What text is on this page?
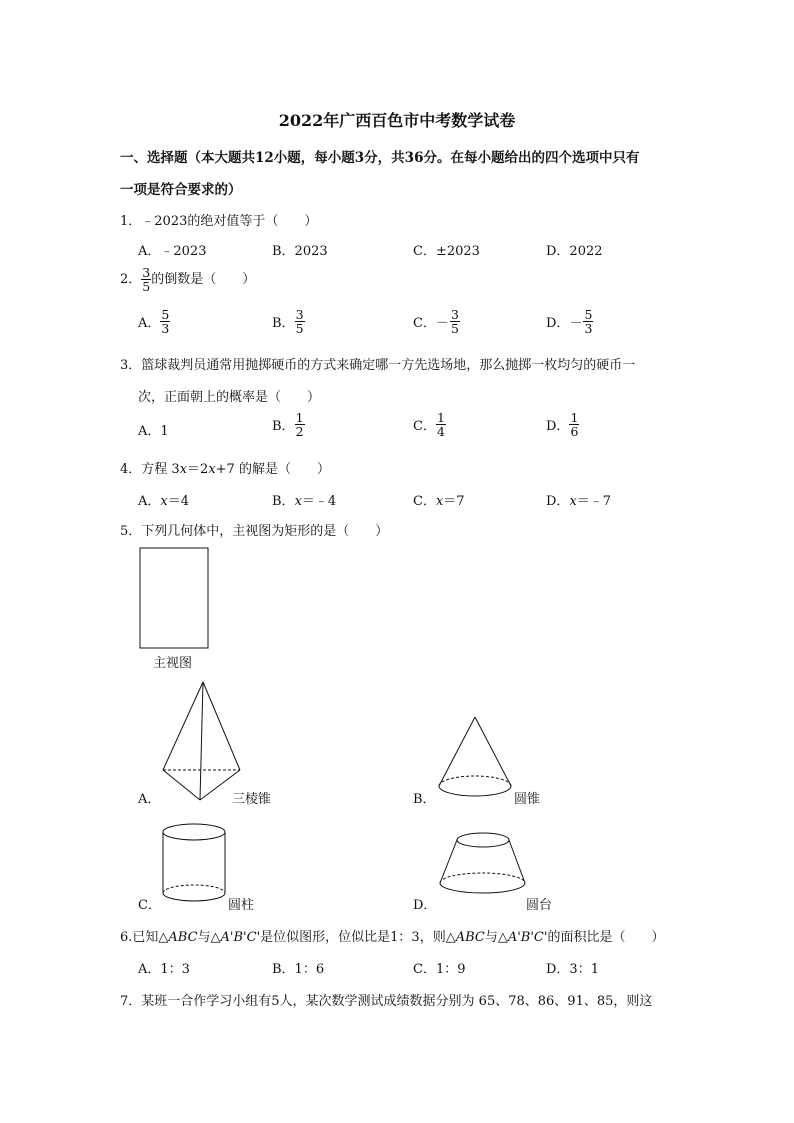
2022年广西百色市中考数学试卷
一、选择题（本大题共12小题，每小题3分，共36分。在每小题给出的四个选项中只有
一项是符合要求的）
1．﹣2023的绝对值等于（　　）
A．﹣2023	B．2023	C．±2023	D．2022
2． $\frac{3}{5}$ 的倒数是（　　）
A． $\frac{5}{3}$	B． $\frac{3}{5}$	C．－ $\frac{3}{5}$	D．－ $\frac{5}{3}$
3．篮球裁判员通常用抛掷硬币的方式来确定哪一方先选场地，那么抛掷一枚均匀的硬币一
次，正面朝上的概率是（　　）
A．1	B． $\frac{1}{2}$	C． $\frac{1}{4}$	D． $\frac{1}{6}$
4．方程 3x＝2x+7 的解是（　　）
A．x＝4	B．x＝﹣4	C．x＝7	D．x＝﹣7
5．下列几何体中，主视图为矩形的是（　　）
主视图
A．	三棱锥	B．	圆锥
C．	圆柱	D．	圆台
6.已知△ABC与△A'B'C'是位似图形，位似比是1：3，则△ABC与△A'B'C'的面积比是（　　）
A．1：3	B．1：6	C．1：9	D．3：1
7．某班一合作学习小组有5人，某次数学测试成绩数据分别为 65、78、86、91、85，则这
